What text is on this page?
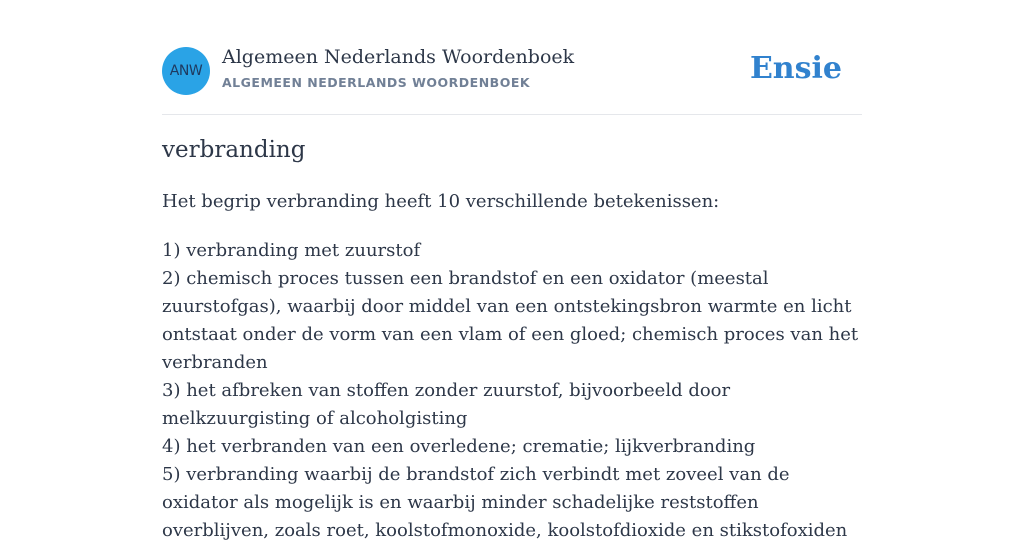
ANW
Algemeen Nederlands Woordenboek
ALGEMEEN NEDERLANDS WOORDENBOEK	Ensie
verbranding

Het begrip verbranding heeft 10 verschillende betekenissen:

1) verbranding met zuurstof
2) chemisch proces tussen een brandstof en een oxidator (meestal zuurstofgas), waarbij door middel van een ontstekingsbron warmte en licht ontstaat onder de vorm van een vlam of een gloed; chemisch proces van het verbranden
3) het afbreken van stoffen zonder zuurstof, bijvoorbeeld door melkzuurgisting of alcoholgisting
4) het verbranden van een overledene; crematie; lijkverbranding
5) verbranding waarbij de brandstof zich verbindt met zoveel van de oxidator als mogelijk is en waarbij minder schadelijke reststoffen overblijven, zoals roet, koolstofmonoxide, koolstofdioxide en stikstofoxiden
